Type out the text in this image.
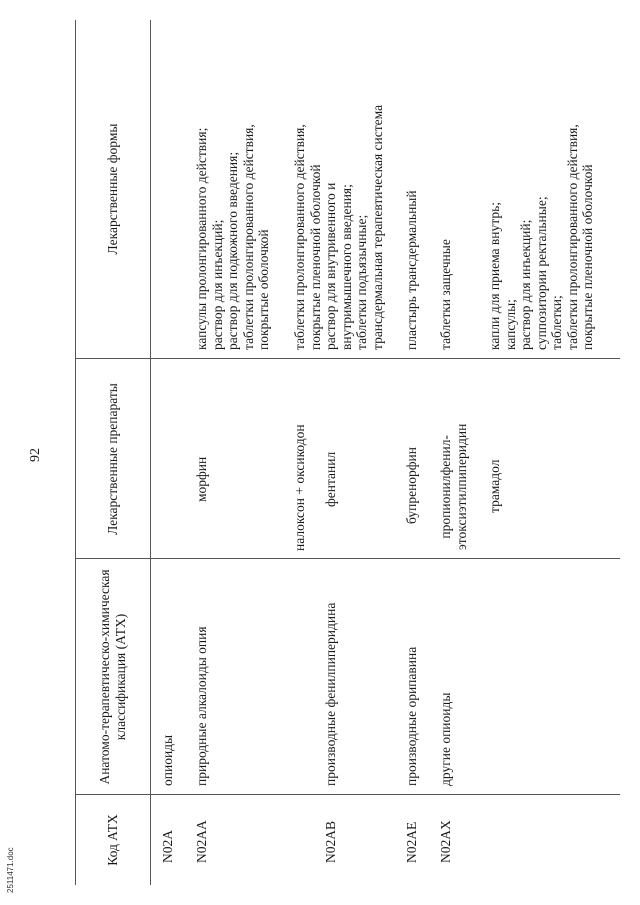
92
Код АТХ
Анатомо-терапевтическо-химическая классификация (АТХ)
Лекарственные препараты
Лекарственные формы
N02A
опиоиды
N02AA
природные алкалоиды опия
морфин
капсулы пролонгированного действия; раствор для инъекций; раствор для подкожного введения; таблетки пролонгированного действия, покрытые оболочкой
налоксон + оксикодон
таблетки пролонгированного действия, покрытые пленочной оболочкой
N02AB
производные фенилпиперидина
фентанил
раствор для внутривенного и внутримышечного введения; таблетки подъязычные; трансдермальная терапевтическая система
N02AE
производные орипавина
бупренорфин
пластырь трансдермальный
N02AX
другие опиоиды
пропионилфенил- этоксиэтилпиперидин
таблетки защечные
трамадол
капли для приема внутрь; капсулы; раствор для инъекций; суппозитории ректальные; таблетки; таблетки пролонгированного действия, покрытые пленочной оболочкой
2511471.doc
